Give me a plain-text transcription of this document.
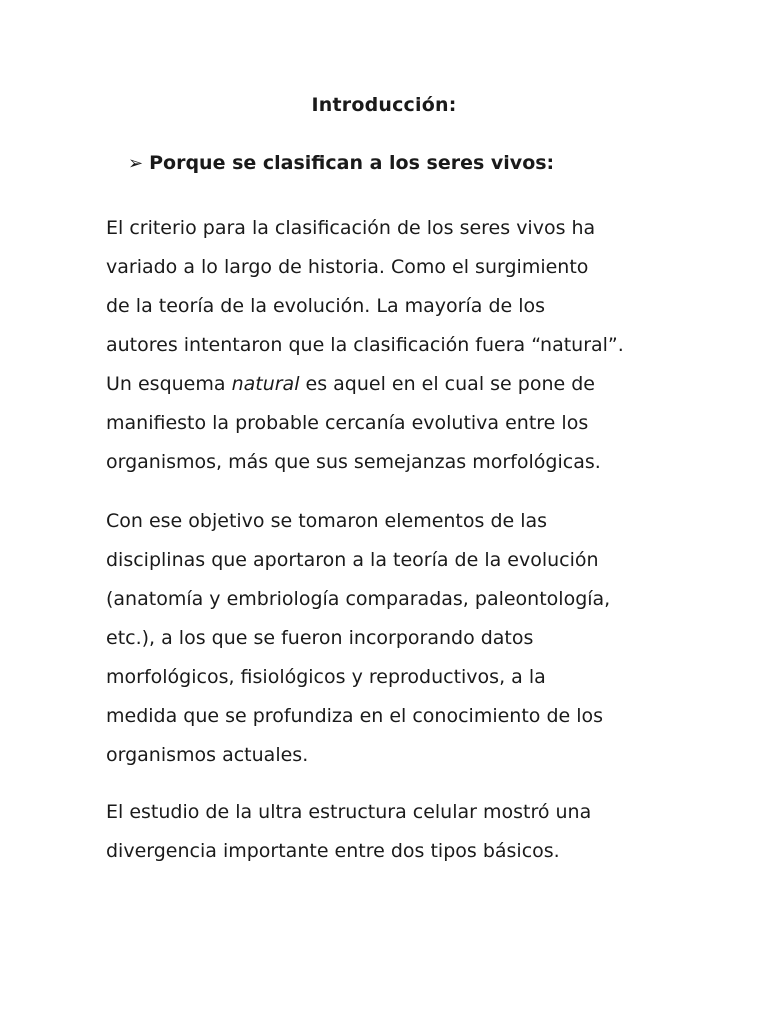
Introducción:
➢ Porque se clasifican a los seres vivos:

El criterio para la clasificación de los seres vivos ha
variado a lo largo de historia. Como el surgimiento
de la teoría de la evolución. La mayoría de los
autores intentaron que la clasificación fuera “natural”.
Un esquema natural es aquel en el cual se pone de
manifiesto la probable cercanía evolutiva entre los
organismos, más que sus semejanzas morfológicas.

Con ese objetivo se tomaron elementos de las
disciplinas que aportaron a la teoría de la evolución
(anatomía y embriología comparadas, paleontología,
etc.), a los que se fueron incorporando datos
morfológicos, fisiológicos y reproductivos, a la
medida que se profundiza en el conocimiento de los
organismos actuales.

El estudio de la ultra estructura celular mostró una
divergencia importante entre dos tipos básicos.
